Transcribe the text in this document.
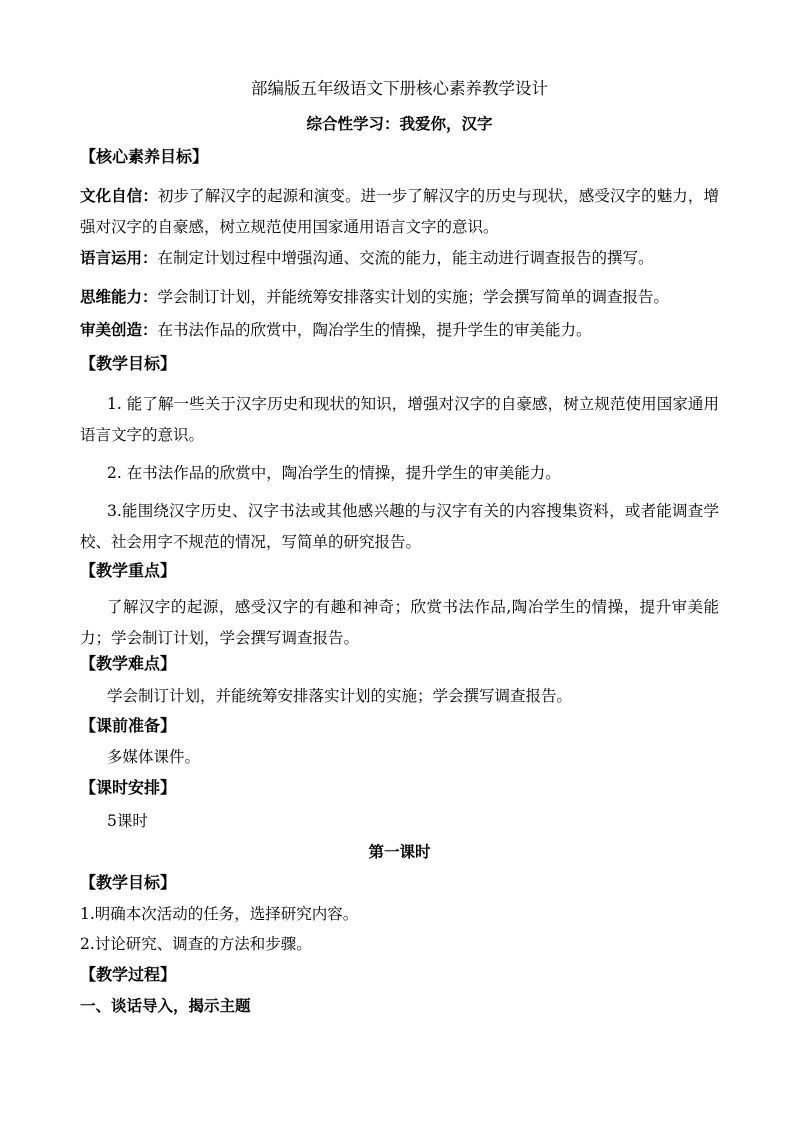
部编版五年级语文下册核心素养教学设计
综合性学习：我爱你，汉字
【核心素养目标】
文化自信：初步了解汉字的起源和演变。进一步了解汉字的历史与现状，感受汉字的魅力，增强对汉字的自豪感，树立规范使用国家通用语言文字的意识。
语言运用：在制定计划过程中增强沟通、交流的能力，能主动进行调查报告的撰写。
思维能力：学会制订计划，并能统筹安排落实计划的实施；学会撰写简单的调查报告。
审美创造：在书法作品的欣赏中，陶冶学生的情操，提升学生的审美能力。
【教学目标】
1. 能了解一些关于汉字历史和现状的知识，增强对汉字的自豪感，树立规范使用国家通用语言文字的意识。
2. 在书法作品的欣赏中，陶冶学生的情操，提升学生的审美能力。
3.能围绕汉字历史、汉字书法或其他感兴趣的与汉字有关的内容搜集资料，或者能调查学校、社会用字不规范的情况，写简单的研究报告。
【教学重点】
了解汉字的起源，感受汉字的有趣和神奇；欣赏书法作品,陶冶学生的情操，提升审美能力；学会制订计划，学会撰写调查报告。
【教学难点】
学会制订计划，并能统筹安排落实计划的实施；学会撰写调查报告。
【课前准备】
多媒体课件。
【课时安排】
5课时
第一课时
【教学目标】
1.明确本次活动的任务，选择研究内容。
2.讨论研究、调查的方法和步骤。
【教学过程】
一、谈话导入，揭示主题
